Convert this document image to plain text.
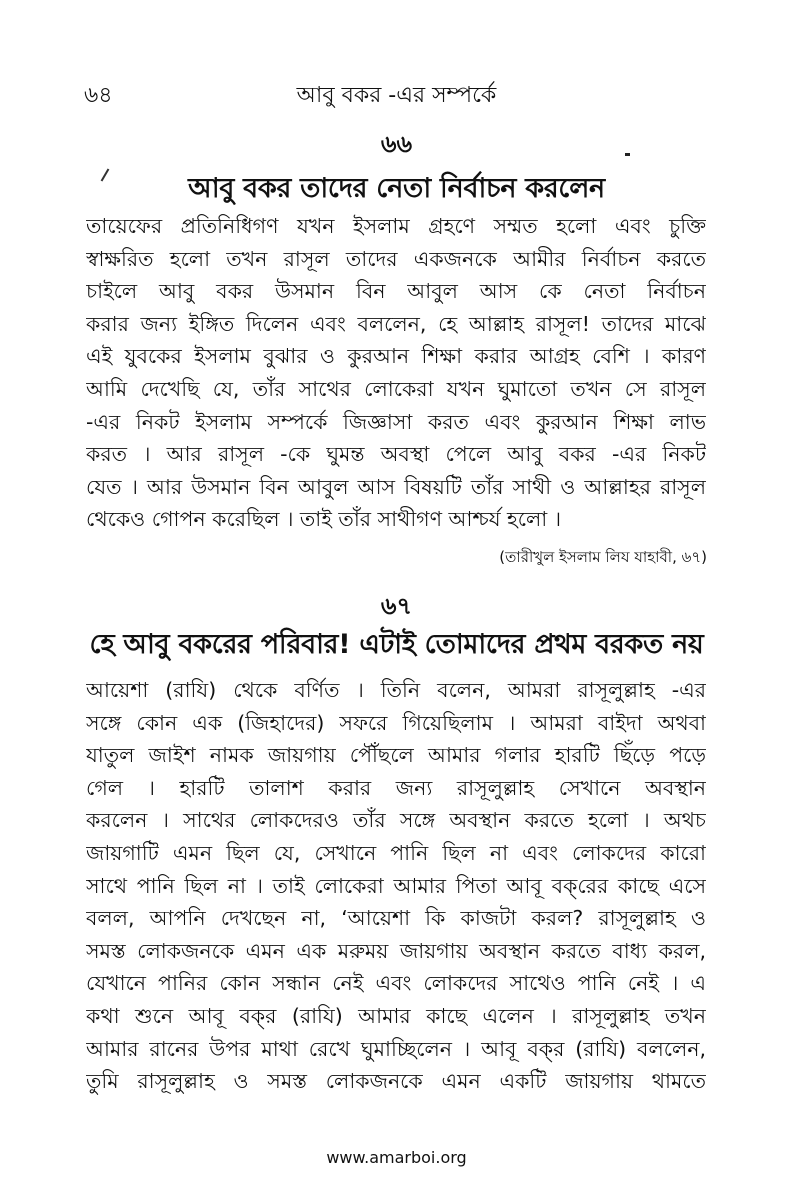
৬৪	আবু বকর -এর সম্পর্কে
৬৬
আবু বকর তাদের নেতা নির্বাচন করলেন
তায়েফের প্রতিনিধিগণ যখন ইসলাম গ্রহণে সম্মত হলো এবং চুক্তি
স্বাক্ষরিত হলো তখন রাসূল তাদের একজনকে আমীর নির্বাচন করতে
চাইলে আবু বকর উসমান বিন আবুল আস কে নেতা নির্বাচন
করার জন্য ইঙ্গিত দিলেন এবং বললেন, হে আল্লাহ রাসূল! তাদের মাঝে
এই যুবকের ইসলাম বুঝার ও কুরআন শিক্ষা করার আগ্রহ বেশি । কারণ
আমি দেখেছি যে, তাঁর সাথের লোকেরা যখন ঘুমাতো তখন সে রাসূল
-এর নিকট ইসলাম সম্পর্কে জিজ্ঞাসা করত এবং কুরআন শিক্ষা লাভ
করত । আর রাসূল -কে ঘুমন্ত অবস্থা পেলে আবু বকর -এর নিকট
যেত । আর উসমান বিন আবুল আস বিষয়টি তাঁর সাথী ও আল্লাহর রাসূল
থেকেও গোপন করেছিল । তাই তাঁর সাথীগণ আশ্চর্য হলো ।
(তারীখুল ইসলাম লিয যাহাবী, ৬৭)
৬৭
হে আবু বকরের পরিবার! এটাই তোমাদের প্রথম বরকত নয়
আয়েশা (রাযি) থেকে বর্ণিত । তিনি বলেন, আমরা রাসূলুল্লাহ -এর
সঙ্গে কোন এক (জিহাদের) সফরে গিয়েছিলাম । আমরা বাইদা অথবা
যাতুল জাইশ নামক জায়গায় পৌঁছলে আমার গলার হারটি ছিঁড়ে পড়ে
গেল । হারটি তালাশ করার জন্য রাসূলুল্লাহ সেখানে অবস্থান
করলেন । সাথের লোকদেরও তাঁর সঙ্গে অবস্থান করতে হলো । অথচ
জায়গাটি এমন ছিল যে, সেখানে পানি ছিল না এবং লোকদের কারো
সাথে পানি ছিল না । তাই লোকেরা আমার পিতা আবূ বক্‌রের কাছে এসে
বলল, আপনি দেখছেন না, ‘আয়েশা কি কাজটা করল? রাসূলুল্লাহ ও
সমস্ত লোকজনকে এমন এক মরুময় জায়গায় অবস্থান করতে বাধ্য করল,
যেখানে পানির কোন সন্ধান নেই এবং লোকদের সাথেও পানি নেই । এ
কথা শুনে আবূ বক্‌র (রাযি) আমার কাছে এলেন । রাসূলুল্লাহ তখন
আমার রানের উপর মাথা রেখে ঘুমাচ্ছিলেন । আবূ বক্‌র (রাযি) বললেন,
তুমি রাসূলুল্লাহ ও সমস্ত লোকজনকে এমন একটি জায়গায় থামতে
www.amarboi.org
